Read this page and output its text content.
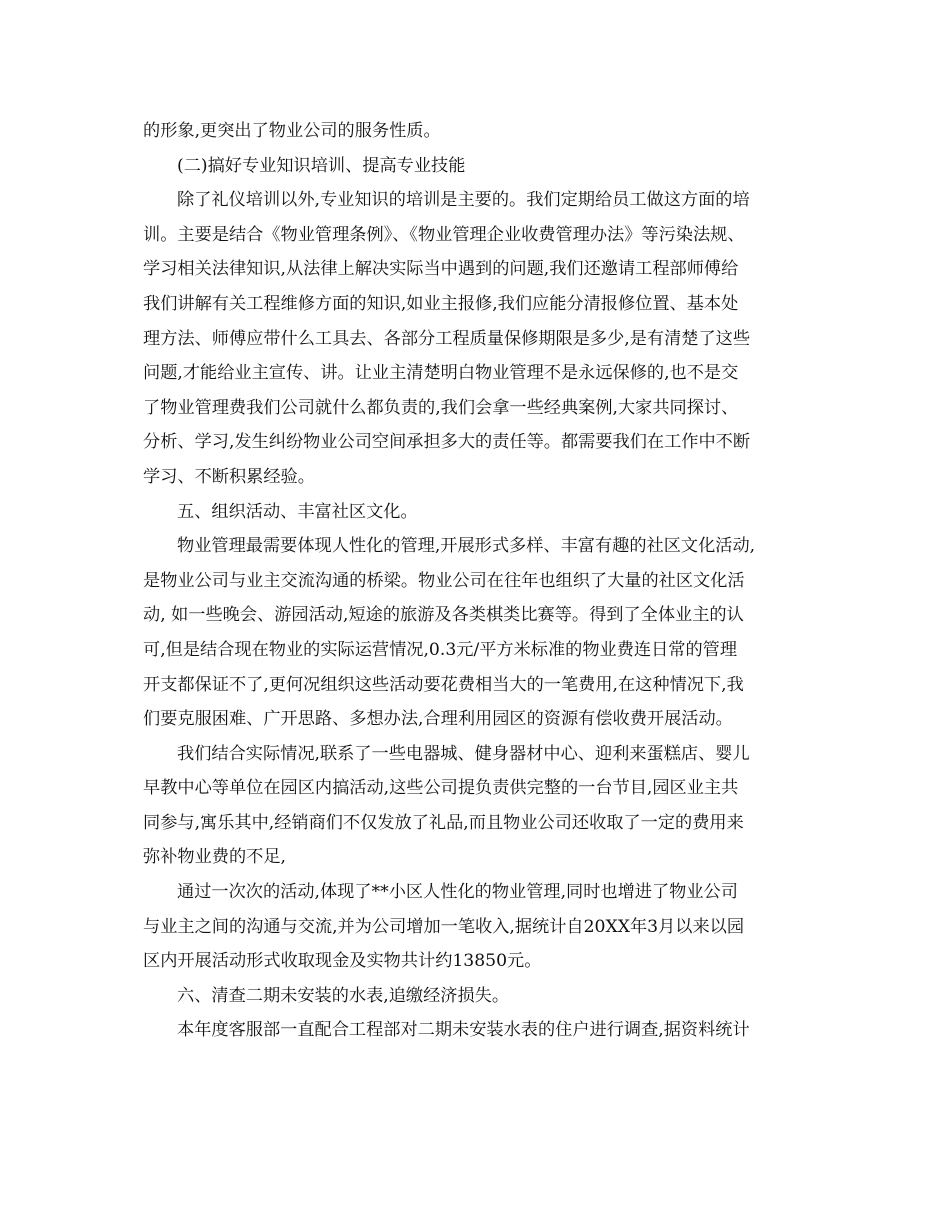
的形象,更突出了物业公司的服务性质。
(二)搞好专业知识培训、提高专业技能
除了礼仪培训以外,专业知识的培训是主要的。我们定期给员工做这方面的培
训。主要是结合《物业管理条例》、《物业管理企业收费管理办法》等污染法规、
学习相关法律知识,从法律上解决实际当中遇到的问题,我们还邀请工程部师傅给
我们讲解有关工程维修方面的知识,如业主报修,我们应能分清报修位置、基本处
理方法、师傅应带什么工具去、各部分工程质量保修期限是多少,是有清楚了这些
问题,才能给业主宣传、讲。让业主清楚明白物业管理不是永远保修的,也不是交
了物业管理费我们公司就什么都负责的,我们会拿一些经典案例,大家共同探讨、
分析、学习,发生纠纷物业公司空间承担多大的责任等。都需要我们在工作中不断
学习、不断积累经验。
五、组织活动、丰富社区文化。
物业管理最需要体现人性化的管理,开展形式多样、丰富有趣的社区文化活动,
是物业公司与业主交流沟通的桥梁。物业公司在往年也组织了大量的社区文化活
动, 如一些晚会、游园活动,短途的旅游及各类棋类比赛等。得到了全体业主的认
可,但是结合现在物业的实际运营情况,0.3元/平方米标准的物业费连日常的管理
开支都保证不了,更何况组织这些活动要花费相当大的一笔费用,在这种情况下,我
们要克服困难、广开思路、多想办法,合理利用园区的资源有偿收费开展活动。
我们结合实际情况,联系了一些电器城、健身器材中心、迎利来蛋糕店、婴儿
早教中心等单位在园区内搞活动,这些公司提负责供完整的一台节目,园区业主共
同参与,寓乐其中,经销商们不仅发放了礼品,而且物业公司还收取了一定的费用来
弥补物业费的不足,
通过一次次的活动,体现了**小区人性化的物业管理,同时也增进了物业公司
与业主之间的沟通与交流,并为公司增加一笔收入,据统计自20XX年3月以来以园
区内开展活动形式收取现金及实物共计约13850元。
六、清查二期未安装的水表,追缴经济损失。
本年度客服部一直配合工程部对二期未安装水表的住户进行调查,据资料统计
